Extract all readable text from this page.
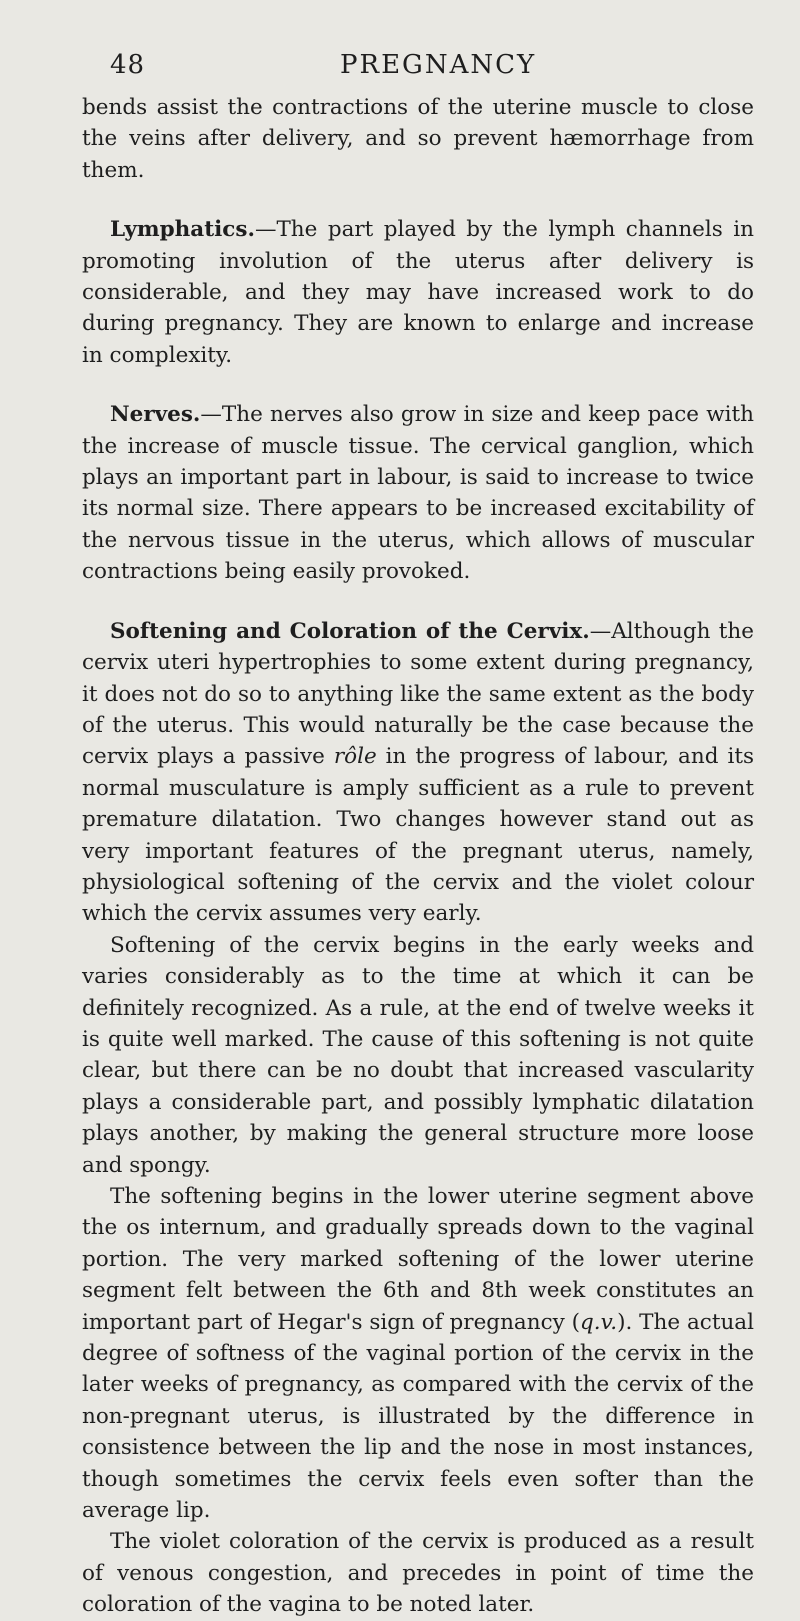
48	PREGNANCY

bends assist the contractions of the uterine muscle to close the veins after delivery, and so prevent hæmorrhage from them.

Lymphatics.—The part played by the lymph channels in promoting involution of the uterus after delivery is considerable, and they may have increased work to do during pregnancy. They are known to enlarge and increase in complexity.

Nerves.—The nerves also grow in size and keep pace with the increase of muscle tissue. The cervical ganglion, which plays an important part in labour, is said to increase to twice its normal size. There appears to be increased excitability of the nervous tissue in the uterus, which allows of muscular contractions being easily provoked.

Softening and Coloration of the Cervix.—Although the cervix uteri hypertrophies to some extent during pregnancy, it does not do so to anything like the same extent as the body of the uterus. This would naturally be the case because the cervix plays a passive rôle in the progress of labour, and its normal musculature is amply sufficient as a rule to prevent premature dilatation. Two changes however stand out as very important features of the pregnant uterus, namely, physiological softening of the cervix and the violet colour which the cervix assumes very early.

Softening of the cervix begins in the early weeks and varies considerably as to the time at which it can be definitely recognized. As a rule, at the end of twelve weeks it is quite well marked. The cause of this softening is not quite clear, but there can be no doubt that increased vascularity plays a considerable part, and possibly lymphatic dilatation plays another, by making the general structure more loose and spongy.

The softening begins in the lower uterine segment above the os internum, and gradually spreads down to the vaginal portion. The very marked softening of the lower uterine segment felt between the 6th and 8th week constitutes an important part of Hegar's sign of pregnancy (q.v.). The actual degree of softness of the vaginal portion of the cervix in the later weeks of pregnancy, as compared with the cervix of the non-pregnant uterus, is illustrated by the difference in consistence between the lip and the nose in most instances, though sometimes the cervix feels even softer than the average lip.

The violet coloration of the cervix is produced as a result of venous congestion, and precedes in point of time the coloration of the vagina to be noted later.
